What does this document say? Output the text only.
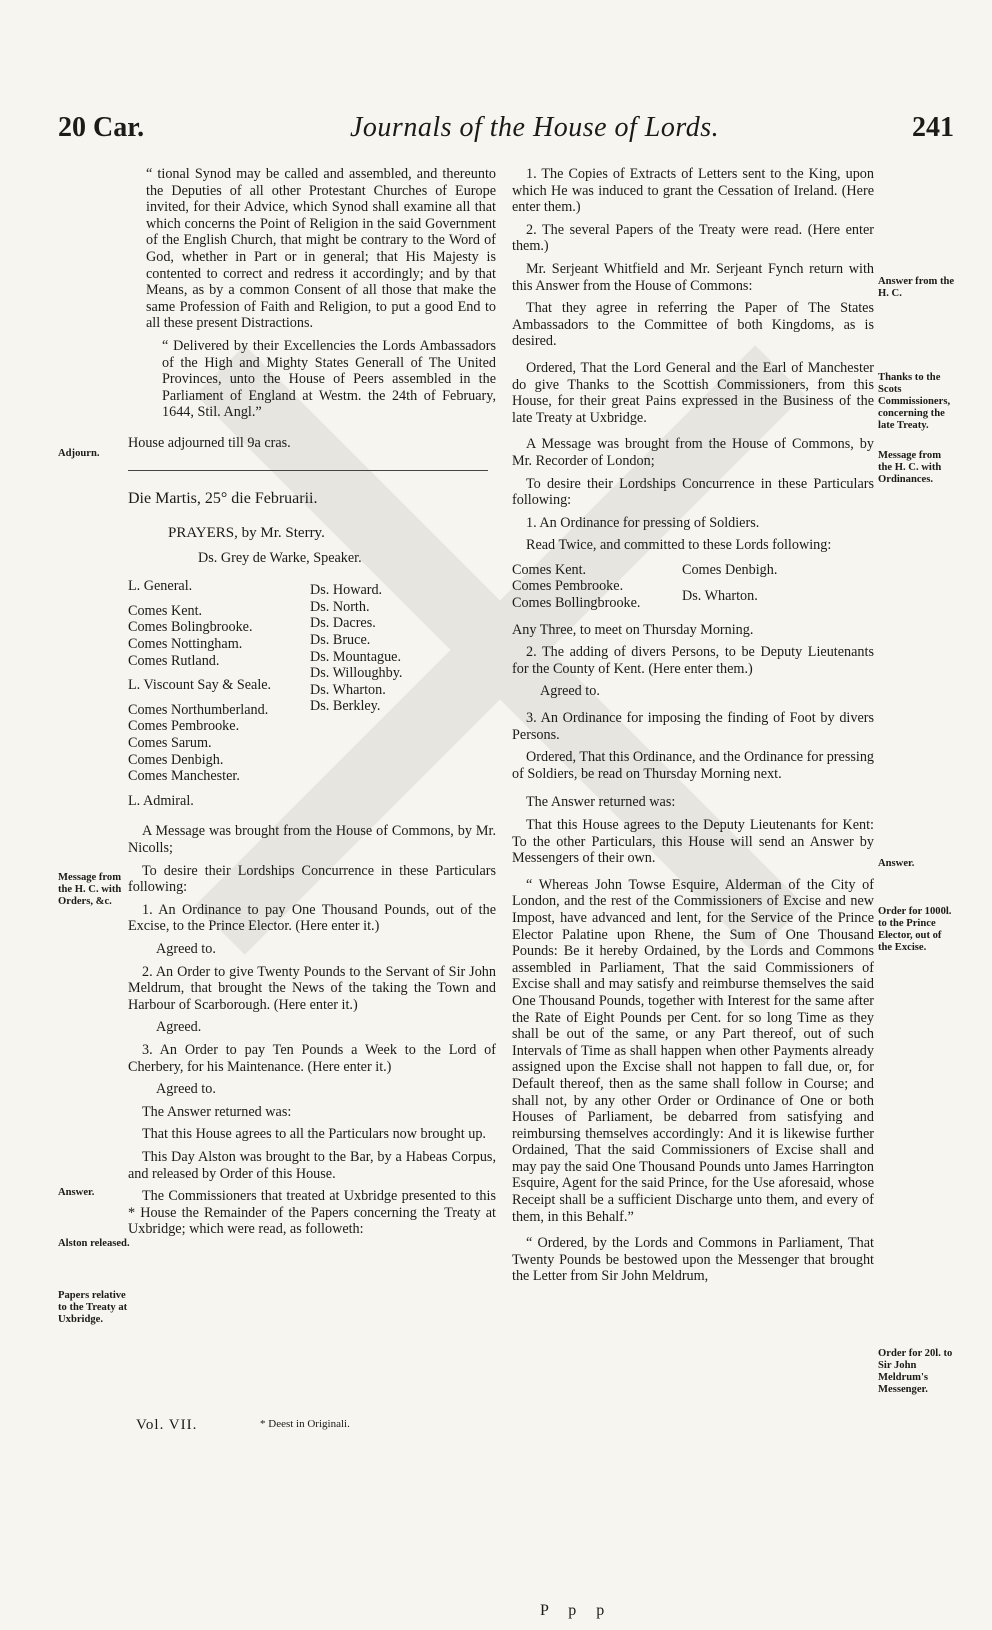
20 Car.	Journals of the House of Lords.	241
Adjourn.
Message from the H. C. with Orders, &c.
Answer.
Alston released.
Papers relative to the Treaty at Uxbridge.
Answer from the H. C.
Thanks to the Scots Commissioners, concerning the late Treaty.
Message from the H. C. with Ordinances.
Answer.
Order for 1000l. to the Prince Elector, out of the Excise.
Order for 20l. to Sir John Meldrum's Messenger.

“ tional Synod may be called and assembled, and thereunto the Deputies of all other Protestant Churches of Europe invited, for their Advice, which Synod shall examine all that which concerns the Point of Religion in the said Government of the English Church, that might be contrary to the Word of God, whether in Part or in general; that His Majesty is contented to correct and redress it accordingly; and by that Means, as by a common Consent of all those that make the same Profession of Faith and Religion, to put a good End to all these present Distractions.

“ Delivered by their Excellencies the Lords Ambassadors of the High and Mighty States Generall of The United Provinces, unto the House of Peers assembled in the Parliament of England at Westm. the 24th of February, 1644, Stil. Angl.”

House adjourned till 9a cras.

Die Martis, 25° die Februarii.
PRAYERS, by Mr. Sterry.
Ds. Grey de Warke, Speaker.
L. General.
Comes Kent.
Comes Bolingbrooke.
Comes Nottingham.
Comes Rutland.
L. Viscount Say & Seale.
Comes Northumberland.
Comes Pembrooke.
Comes Sarum.
Comes Denbigh.
Comes Manchester.
L. Admiral.
Ds. Howard.
Ds. North.
Ds. Dacres.
Ds. Bruce.
Ds. Mountague.
Ds. Willoughby.
Ds. Wharton.
Ds. Berkley.

A Message was brought from the House of Commons, by Mr. Nicolls;

To desire their Lordships Concurrence in these Particulars following:

1. An Ordinance to pay One Thousand Pounds, out of the Excise, to the Prince Elector. (Here enter it.)

Agreed to.

2. An Order to give Twenty Pounds to the Servant of Sir John Meldrum, that brought the News of the taking the Town and Harbour of Scarborough. (Here enter it.)

Agreed.

3. An Order to pay Ten Pounds a Week to the Lord of Cherbery, for his Maintenance. (Here enter it.)

Agreed to.

The Answer returned was:

That this House agrees to all the Particulars now brought up.

This Day Alston was brought to the Bar, by a Habeas Corpus, and released by Order of this House.

The Commissioners that treated at Uxbridge presented to this * House the Remainder of the Papers concerning the Treaty at Uxbridge; which were read, as followeth:

Vol. VII.	* Deest in Originali.

1. The Copies of Extracts of Letters sent to the King, upon which He was induced to grant the Cessation of Ireland. (Here enter them.)

2. The several Papers of the Treaty were read. (Here enter them.)

Mr. Serjeant Whitfield and Mr. Serjeant Fynch return with this Answer from the House of Commons:

That they agree in referring the Paper of The States Ambassadors to the Committee of both Kingdoms, as is desired.

Ordered, That the Lord General and the Earl of Manchester do give Thanks to the Scottish Commissioners, from this House, for their great Pains expressed in the Business of the late Treaty at Uxbridge.

A Message was brought from the House of Commons, by Mr. Recorder of London;

To desire their Lordships Concurrence in these Particulars following:

1. An Ordinance for pressing of Soldiers.

Read Twice, and committed to these Lords following:

Comes Kent.
Comes Pembrooke.
Comes Bollingbrooke.
Comes Denbigh.
Ds. Wharton.

Any Three, to meet on Thursday Morning.

2. The adding of divers Persons, to be Deputy Lieutenants for the County of Kent. (Here enter them.)

Agreed to.

3. An Ordinance for imposing the finding of Foot by divers Persons.

Ordered, That this Ordinance, and the Ordinance for pressing of Soldiers, be read on Thursday Morning next.

The Answer returned was:

That this House agrees to the Deputy Lieutenants for Kent: To the other Particulars, this House will send an Answer by Messengers of their own.

“ Whereas John Towse Esquire, Alderman of the City of London, and the rest of the Commissioners of Excise and new Impost, have advanced and lent, for the Service of the Prince Elector Palatine upon Rhene, the Sum of One Thousand Pounds: Be it hereby Ordained, by the Lords and Commons assembled in Parliament, That the said Commissioners of Excise shall and may satisfy and reimburse themselves the said One Thousand Pounds, together with Interest for the same after the Rate of Eight Pounds per Cent. for so long Time as they shall be out of the same, or any Part thereof, out of such Intervals of Time as shall happen when other Payments already assigned upon the Excise shall not happen to fall due, or, for Default thereof, then as the same shall follow in Course; and shall not, by any other Order or Ordinance of One or both Houses of Parliament, be debarred from satisfying and reimbursing themselves accordingly: And it is likewise further Ordained, That the said Commissioners of Excise shall and may pay the said One Thousand Pounds unto James Harrington Esquire, Agent for the said Prince, for the Use aforesaid, whose Receipt shall be a sufficient Discharge unto them, and every of them, in this Behalf.”

“ Ordered, by the Lords and Commons in Parliament, That Twenty Pounds be bestowed upon the Messenger that brought the Letter from Sir John Meldrum,

P p p
